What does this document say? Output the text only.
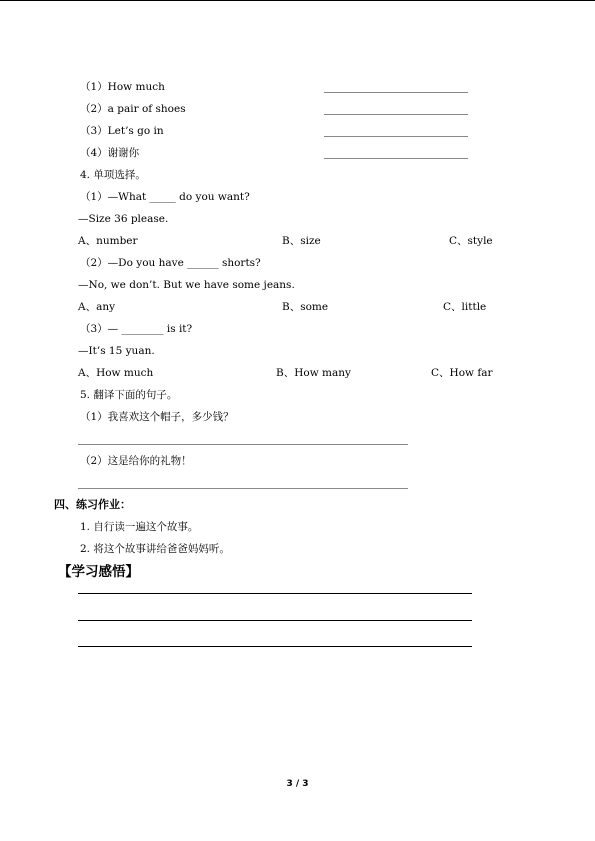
（1）How much
（2）a pair of shoes
（3）Let’s go in
（4）谢谢你
4. 单项选择。
（1）—What _____ do you want?
—Size 36 please.
A、number	B、size	C、style
（2）—Do you have ______ shorts?
—No, we don’t. But we have some jeans.
A、any	B、some	C、little
（3）— ________ is it?
—It’s 15 yuan.
A、How much	B、How many	C、How far
5. 翻译下面的句子。
（1）我喜欢这个帽子，多少钱？
（2）这是给你的礼物！
四、练习作业：
1. 自行读一遍这个故事。
2. 将这个故事讲给爸爸妈妈听。
【学习感悟】
3 / 3
